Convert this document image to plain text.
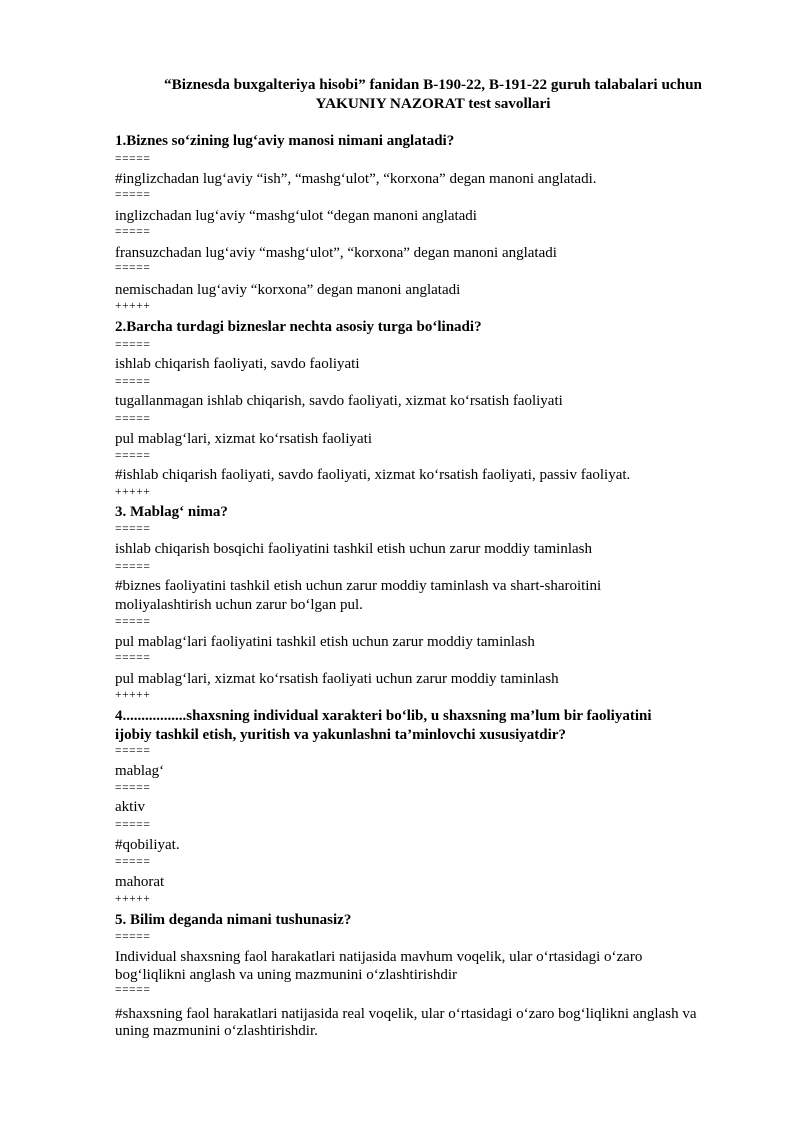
“Biznesda buxgalteriya hisobi” fanidan B-190-22, B-191-22 guruh talabalari uchun
YAKUNIY NAZORAT test savollari
1.Biznes so‘zining lug‘aviy manosi nimani anglatadi?
=====
#inglizchadan lug‘aviy “ish”, “mashg‘ulot”, “korxona” degan manoni anglatadi.
=====
inglizchadan lug‘aviy “mashg‘ulot “degan manoni anglatadi
=====
fransuzchadan lug‘aviy “mashg‘ulot”, “korxona” degan manoni anglatadi
=====
nemischadan lug‘aviy “korxona” degan manoni anglatadi
+++++
2.Barcha turdagi bizneslar nechta asosiy turga bo‘linadi?
=====
ishlab chiqarish faoliyati, savdo faoliyati
=====
tugallanmagan ishlab chiqarish, savdo faoliyati, xizmat ko‘rsatish faoliyati
=====
pul mablag‘lari, xizmat ko‘rsatish faoliyati
=====
#ishlab chiqarish faoliyati, savdo faoliyati, xizmat ko‘rsatish faoliyati, passiv faoliyat.
+++++
3. Mablag‘ nima?
=====
ishlab chiqarish bosqichi faoliyatini tashkil etish uchun zarur moddiy taminlash
=====
#biznes faoliyatini tashkil etish uchun zarur moddiy taminlash va shart-sharoitini
moliyalashtirish uchun zarur bo‘lgan pul.
=====
pul mablag‘lari faoliyatini tashkil etish uchun zarur moddiy taminlash
=====
pul mablag‘lari, xizmat ko‘rsatish faoliyati uchun zarur moddiy taminlash
+++++
4.................shaxsning individual xarakteri bo‘lib, u shaxsning ma’lum bir faoliyatini
ijobiy tashkil etish, yuritish va yakunlashni ta’minlovchi xususiyatdir?
=====
mablag‘
=====
aktiv
=====
#qobiliyat.
=====
mahorat
+++++
5. Bilim deganda nimani tushunasiz?
=====
Individual shaxsning faol harakatlari natijasida mavhum voqelik, ular o‘rtasidagi o‘zaro
bog‘liqlikni anglash va uning mazmunini o‘zlashtirishdir
=====
#shaxsning faol harakatlari natijasida real voqelik, ular o‘rtasidagi o‘zaro bog‘liqlikni anglash va
uning mazmunini o‘zlashtirishdir.
